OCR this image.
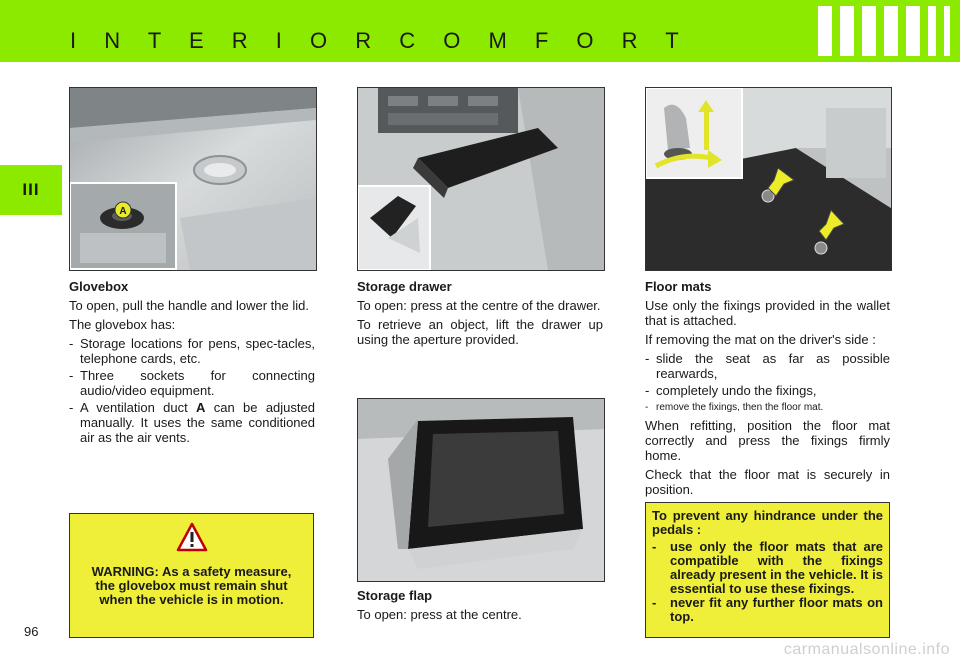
I N T E R I O R C O M F O R T
III
A
Glovebox

To open, pull the handle and lower the lid.

The glovebox has:

- Storage locations for pens, spec-tacles, telephone cards, etc.
- Three sockets for connecting audio/video equipment.
- A ventilation duct A can be adjusted manually. It uses the same conditioned air as the air vents.
WARNING: As a safety measure,
the glovebox must remain shut when the vehicle is in motion.
Storage drawer

To open: press at the centre of the drawer.

To retrieve an object, lift the drawer up using the aperture provided.

Storage flap

To open: press at the centre.

Floor mats

Use only the fixings provided in the wallet that is attached.

If removing the mat on the driver's side :

- slide the seat as far as possible rearwards,
- completely undo the fixings,
- remove the fixings, then the floor mat.

When refitting, position the floor mat correctly and press the fixings firmly home.

Check that the floor mat is securely in position.

To prevent any hindrance under the pedals :
- use only the floor mats that are compatible with the fixings already present in the vehicle. It is essential to use these fixings.
- never fit any further floor mats on top.
96
carmanualsonline.info
